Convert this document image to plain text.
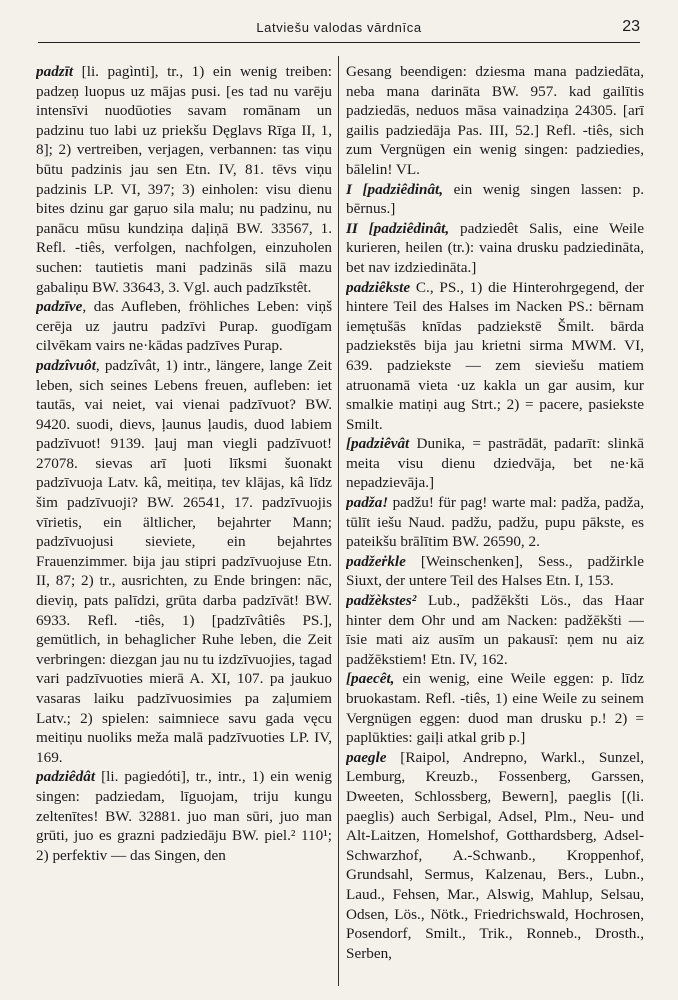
Latviešu valodas vārdnīca	23

padzīt [li. pagìnti], tr., 1) ein wenig treiben: padzeņ luopus uz mājas pusi. [es tad nu varēju intensīvi nuodūoties savam romānam un padzinu tuo labi uz priekšu Dęglavs Rīga II, 1, 8]; 2) vertreiben, verjagen, verbannen: tas viņu būtu padzinis jau sen Etn. IV, 81. tēvs viņu padzinis LP. VI, 397; 3) einholen: visu dienu bites dzinu gar gaŗuo sila malu; nu padzinu, nu panācu mūsu kundziņa daļiņā BW. 33567, 1. Refl. -tiês, verfolgen, nachfolgen, einzuholen suchen: tautietis mani padzinās silā mazu gabaliņu BW. 33643, 3. Vgl. auch padzīkstêt.

padzīve, das Aufleben, fröhliches Leben: viņš cerēja uz jautru padzīvi Purap. guodīgam cilvēkam vairs ne·kādas padzīves Purap.

padzîvuôt, padzîvât, 1) intr., längere, lange Zeit leben, sich seines Lebens freuen, aufleben: iet tautās, vai neiet, vai vienai padzīvuot? BW. 9420. suodi, dievs, ļaunus ļaudis, duod labiem padzīvuot! 9139. ļauj man viegli padzīvuot! 27078. sievas arī ļuoti līksmi šuonakt padzīvuoja Latv. kâ, meitiņa, tev klājas, kâ līdz šim padzīvuoji? BW. 26541, 17. padzīvuojis vīrietis, ein ältlicher, bejahrter Mann; padzīvuojusi sieviete, ein bejahrtes Frauenzimmer. bija jau stipri padzīvuojuse Etn. II, 87; 2) tr., ausrichten, zu Ende bringen: nāc, dieviņ, pats palīdzi, grūta darba padzīvāt! BW. 6933. Refl. -tiês, 1) [padzīvâtiês PS.], gemütlich, in behaglicher Ruhe leben, die Zeit verbringen: diezgan jau nu tu izdzīvuojies, tagad vari padzīvuoties mierā A. XI, 107. pa jaukuo vasaras laiku padzīvuosimies pa zaļumiem Latv.; 2) spielen: saimniece savu gada vęcu meitiņu nuoliks meža malā padzīvuoties LP. IV, 169.

padziêdât [li. pagiedóti], tr., intr., 1) ein wenig singen: padziedam, līguojam, triju kungu zeltenītes! BW. 32881. juo man sūri, juo man grūti, juo es grazni padziedāju BW. piel.² 110¹; 2) perfektiv — das Singen, den

Gesang beendigen: dziesma mana padziedāta, neba mana darināta BW. 957. kad gailītis padziedās, neduos māsa vainadziņa 24305. [arī gailis padziedāja Pas. III, 52.] Refl. -tiês, sich zum Vergnügen ein wenig singen: padziedies, bālelin! VL.

I [padziêdinât, ein wenig singen lassen: p. bērnus.]

II [padziêdinât, padziedêt Salis, eine Weile kurieren, heilen (tr.): vaina drusku padziedināta, bet nav izdziedināta.]

padziêkste C., PS., 1) die Hinterohrgegend, der hintere Teil des Halses im Nacken PS.: bērnam iemętušās knīdas padziekstē Šmilt. bārda padziekstēs bija jau krietni sirma MWM. VI, 639. padziekste — zem sieviešu matiem atruonamā vieta ·uz kakla un gar ausim, kur smalkie matiņi aug Strt.; 2) = pacere, pasiekste Smilt.

[padziêvât Dunika, = pastrādāt, padarīt: slinkā meita visu dienu dziedvāja, bet ne·kā nepadzievāja.]

padža! padžu! für pag! warte mal: padža, padža, tūlīt iešu Naud. padžu, padžu, pupu pākste, es pateikšu brālītim BW. 26590, 2.

padžeṙkle [Weinschenken], Sess., padžirkle Siuxt, der untere Teil des Halses Etn. I, 153.

padžèkstes² Lub., padžēkšti Lös., das Haar hinter dem Ohr und am Nacken: padžēkšti — īsie mati aiz ausīm un pakausī: ņem nu aiz padžēkstiem! Etn. IV, 162.

[paecêt, ein wenig, eine Weile eggen: p. līdz bruokastam. Refl. -tiês, 1) eine Weile zu seinem Vergnügen eggen: duod man drusku p.! 2) = paplūkties: gaiļi atkal grib p.]

paegle [Raipol, Andrepno, Warkl., Sunzel, Lemburg, Kreuzb., Fossenberg, Garssen, Dweeten, Schlossberg, Bewern], paeglis [(li. paeglis) auch Serbigal, Adsel, Plm., Neu- und Alt-Laitzen, Homelshof, Gotthardsberg, Adsel-Schwarzhof, A.-Schwanb., Kroppenhof, Grundsahl, Sermus, Kalzenau, Bers., Lubn., Laud., Fehsen, Mar., Alswig, Mahlup, Selsau, Odsen, Lös., Nötk., Friedrichswald, Hochrosen, Posendorf, Smilt., Trik., Ronneb., Drosth., Serben,
